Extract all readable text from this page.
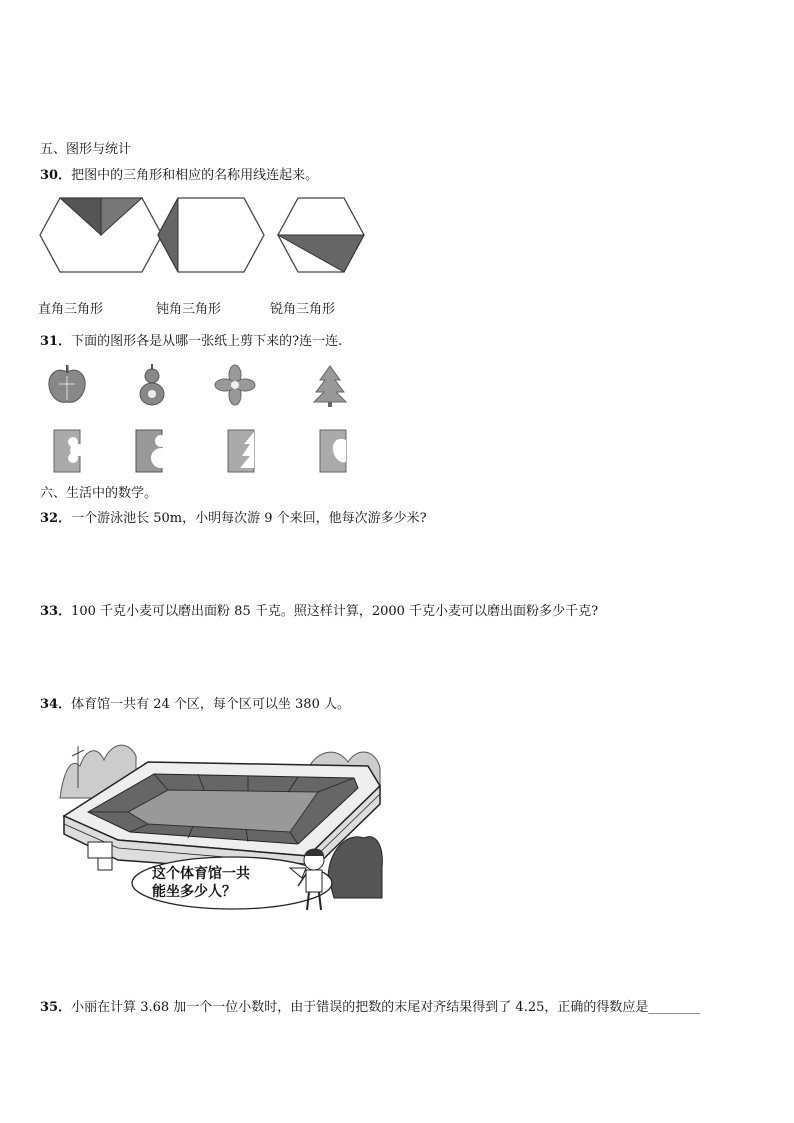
五、图形与统计
30．把图中的三角形和相应的名称用线连起来。
直角三角形	钝角三角形	锐角三角形
31．下面的图形各是从哪一张纸上剪下来的?连一连.
六、生活中的数学。
32．一个游泳池长 50m，小明每次游 9 个来回，他每次游多少米?
33．100 千克小麦可以磨出面粉 85 千克。照这样计算，2000 千克小麦可以磨出面粉多少千克?
34．体育馆一共有 24 个区，每个区可以坐 380 人。
这个体育馆一共
能坐多少人？
35．小丽在计算 3.68 加一个一位小数时，由于错误的把数的末尾对齐结果得到了 4.25，正确的得数应是________
